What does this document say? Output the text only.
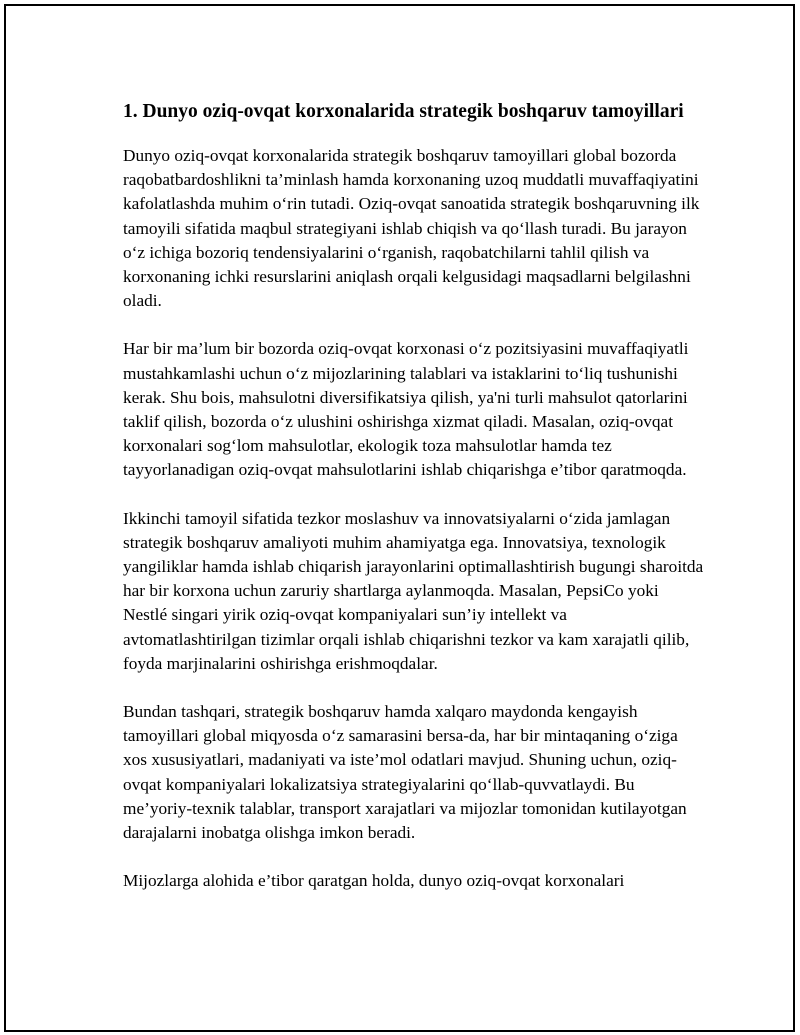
1. Dunyo oziq-ovqat korxonalarida strategik boshqaruv tamoyillari

Dunyo oziq-ovqat korxonalarida strategik boshqaruv tamoyillari global bozorda raqobatbardoshlikni ta’minlash hamda korxonaning uzoq muddatli muvaffaqiyatini kafolatlashda muhim o‘rin tutadi. Oziq-ovqat sanoatida strategik boshqaruvning ilk tamoyili sifatida maqbul strategiyani ishlab chiqish va qo‘llash turadi. Bu jarayon o‘z ichiga bozoriq tendensiyalarini o‘rganish, raqobatchilarni tahlil qilish va korxonaning ichki resurslarini aniqlash orqali kelgusidagi maqsadlarni belgilashni oladi.

Har bir ma’lum bir bozorda oziq-ovqat korxonasi o‘z pozitsiyasini muvaffaqiyatli mustahkamlashi uchun o‘z mijozlarining talablari va istaklarini to‘liq tushunishi kerak. Shu bois, mahsulotni diversifikatsiya qilish, ya'ni turli mahsulot qatorlarini taklif qilish, bozorda o‘z ulushini oshirishga xizmat qiladi. Masalan, oziq-ovqat korxonalari sog‘lom mahsulotlar, ekologik toza mahsulotlar hamda tez tayyorlanadigan oziq-ovqat mahsulotlarini ishlab chiqarishga e’tibor qaratmoqda.

Ikkinchi tamoyil sifatida tezkor moslashuv va innovatsiyalarni o‘zida jamlagan strategik boshqaruv amaliyoti muhim ahamiyatga ega. Innovatsiya, texnologik yangiliklar hamda ishlab chiqarish jarayonlarini optimallashtirish bugungi sharoitda har bir korxona uchun zaruriy shartlarga aylanmoqda. Masalan, PepsiCo yoki Nestlé singari yirik oziq-ovqat kompaniyalari sun’iy intellekt va avtomatlashtirilgan tizimlar orqali ishlab chiqarishni tezkor va kam xarajatli qilib, foyda marjinalarini oshirishga erishmoqdalar.

Bundan tashqari, strategik boshqaruv hamda xalqaro maydonda kengayish tamoyillari global miqyosda o‘z samarasini bersa-da, har bir mintaqaning o‘ziga xos xususiyatlari, madaniyati va iste’mol odatlari mavjud. Shuning uchun, oziq-ovqat kompaniyalari lokalizatsiya strategiyalarini qo‘llab-quvvatlaydi. Bu me’yoriy-texnik talablar, transport xarajatlari va mijozlar tomonidan kutilayotgan darajalarni inobatga olishga imkon beradi.

Mijozlarga alohida e’tibor qaratgan holda, dunyo oziq-ovqat korxonalari
